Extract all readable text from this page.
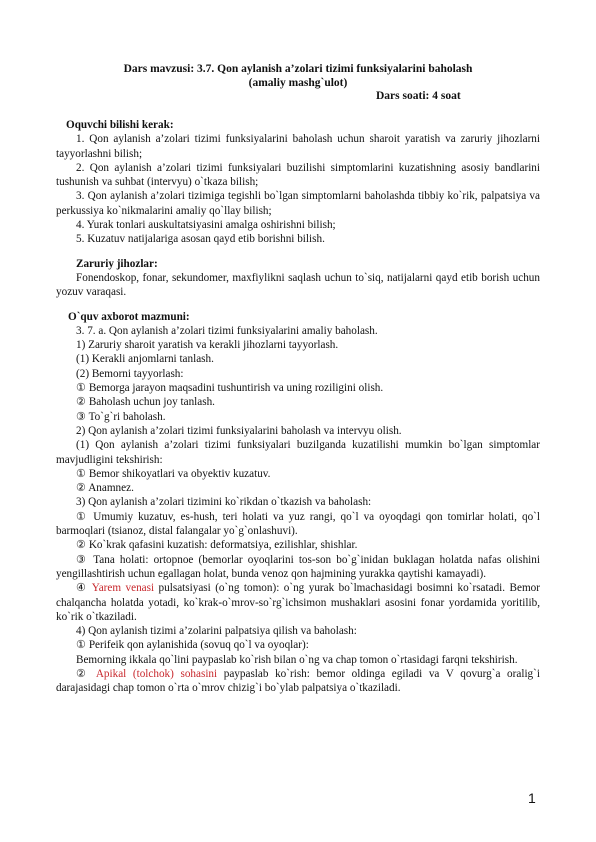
Dars mavzusi: 3.7. Qon aylanish a’zolari tizimi funksiyalarini baholash
(amaliy mashg`ulot)
Dars soati: 4 soat

Oquvchi bilishi kerak:

1. Qon aylanish a’zolari tizimi funksiyalarini baholash uchun sharoit yaratish va zaruriy jihozlarni tayyorlashni bilish;

2. Qon aylanish a’zolari tizimi funksiyalari buzilishi simptomlarini kuzatishning asosiy bandlarini tushunish va suhbat (intervyu) o`tkaza bilish;

3. Qon aylanish a’zolari tizimiga tegishli bo`lgan simptomlarni baholashda tibbiy ko`rik, palpatsiya va perkussiya ko`nikmalarini amaliy qo`llay bilish;

4. Yurak tonlari auskultatsiyasini amalga oshirishni bilish;

5. Kuzatuv natijalariga asosan qayd etib borishni bilish.

Zaruriy jihozlar:

Fonendoskop, fonar, sekundomer, maxfiylikni saqlash uchun to`siq, natijalarni qayd etib borish uchun yozuv varaqasi.

O`quv axborot mazmuni:

3. 7. a. Qon aylanish a’zolari tizimi funksiyalarini amaliy baholash.

1) Zaruriy sharoit yaratish va kerakli jihozlarni tayyorlash.

(1) Kerakli anjomlarni tanlash.

(2) Bemorni tayyorlash:

① Bemorga jarayon maqsadini tushuntirish va uning roziligini olish.

② Baholash uchun joy tanlash.

③ To`g`ri baholash.

2) Qon aylanish a’zolari tizimi funksiyalarini baholash va intervyu olish.

(1) Qon aylanish a’zolari tizimi funksiyalari buzilganda kuzatilishi mumkin bo`lgan simptomlar mavjudligini tekshirish:

① Bemor shikoyatlari va obyektiv kuzatuv.

② Anamnez.

3) Qon aylanish a’zolari tizimini ko`rikdan o`tkazish va baholash:

① Umumiy kuzatuv, es-hush, teri holati va yuz rangi, qo`l va oyoqdagi qon tomirlar holati, qo`l barmoqlari (tsianoz, distal falangalar yo`g`onlashuvi).

② Ko`krak qafasini kuzatish: deformatsiya, ezilishlar, shishlar.

③ Tana holati: ortopnoe (bemorlar oyoqlarini tos-son bo`g`inidan buklagan holatda nafas olishini yengillashtirish uchun egallagan holat, bunda venoz qon hajmining yurakka qaytishi kamayadi).

④ Yarem venasi pulsatsiyasi (o`ng tomon): o`ng yurak bo`lmachasidagi bosimni ko`rsatadi. Bemor chalqancha holatda yotadi, ko`krak-o`mrov-so`rg`ichsimon mushaklari asosini fonar yordamida yoritilib, ko`rik o`tkaziladi.

4) Qon aylanish tizimi a’zolarini palpatsiya qilish va baholash:

① Perifeik qon aylanishida (sovuq qo`l va oyoqlar):

Bemorning ikkala qo`lini paypaslab ko`rish bilan o`ng va chap tomon o`rtasidagi farqni tekshirish.

② Apikal (tolchok) sohasini paypaslab ko`rish: bemor oldinga egiladi va V qovurg`a oralig`i darajasidagi chap tomon o`rta o`mrov chizig`i bo`ylab palpatsiya o`tkaziladi.

1
